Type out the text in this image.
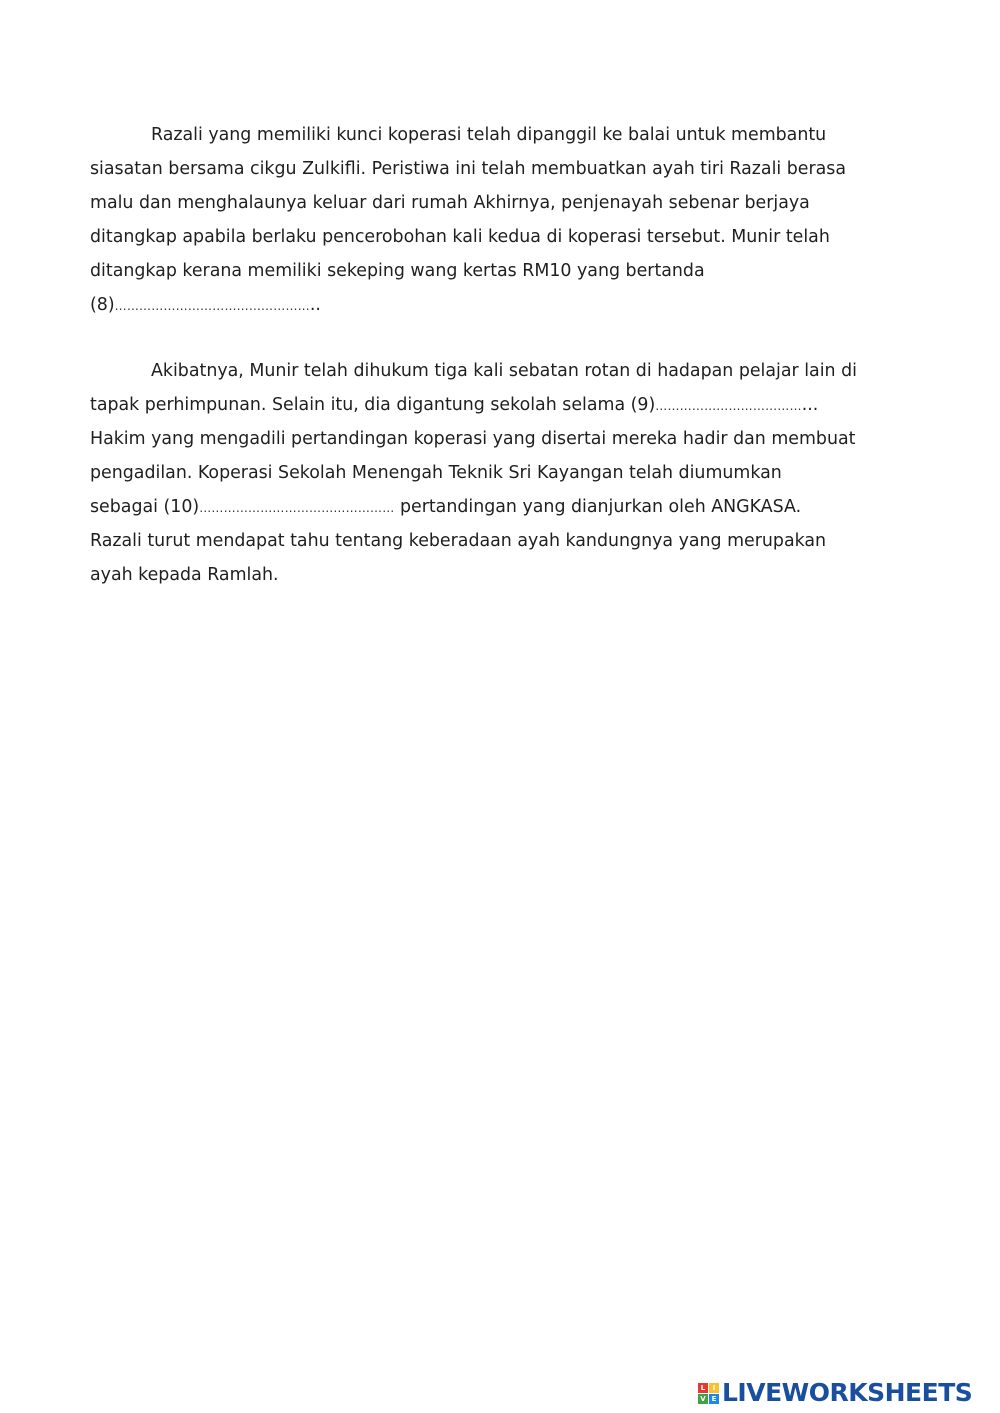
Razali yang memiliki kunci koperasi telah dipanggil ke balai untuk membantu
siasatan bersama cikgu Zulkifli. Peristiwa ini telah membuatkan ayah tiri Razali berasa
malu dan menghalaunya keluar dari rumah Akhirnya, penjenayah sebenar berjaya
ditangkap apabila berlaku pencerobohan kali kedua di koperasi tersebut. Munir telah
ditangkap kerana memiliki sekeping wang kertas RM10 yang bertanda
(8)…………………………………………..
Akibatnya, Munir telah dihukum tiga kali sebatan rotan di hadapan pelajar lain di
tapak perhimpunan. Selain itu, dia digantung sekolah selama (9)………………………………...
Hakim yang mengadili pertandingan koperasi yang disertai mereka hadir dan membuat
pengadilan. Koperasi Sekolah Menengah Teknik Sri Kayangan telah diumumkan
sebagai (10)………………………………………… pertandingan yang dianjurkan oleh ANGKASA.
Razali turut mendapat tahu tentang keberadaan ayah kandungnya yang merupakan
ayah kepada Ramlah.
L	I
V E LIVEWORKSHEETS
